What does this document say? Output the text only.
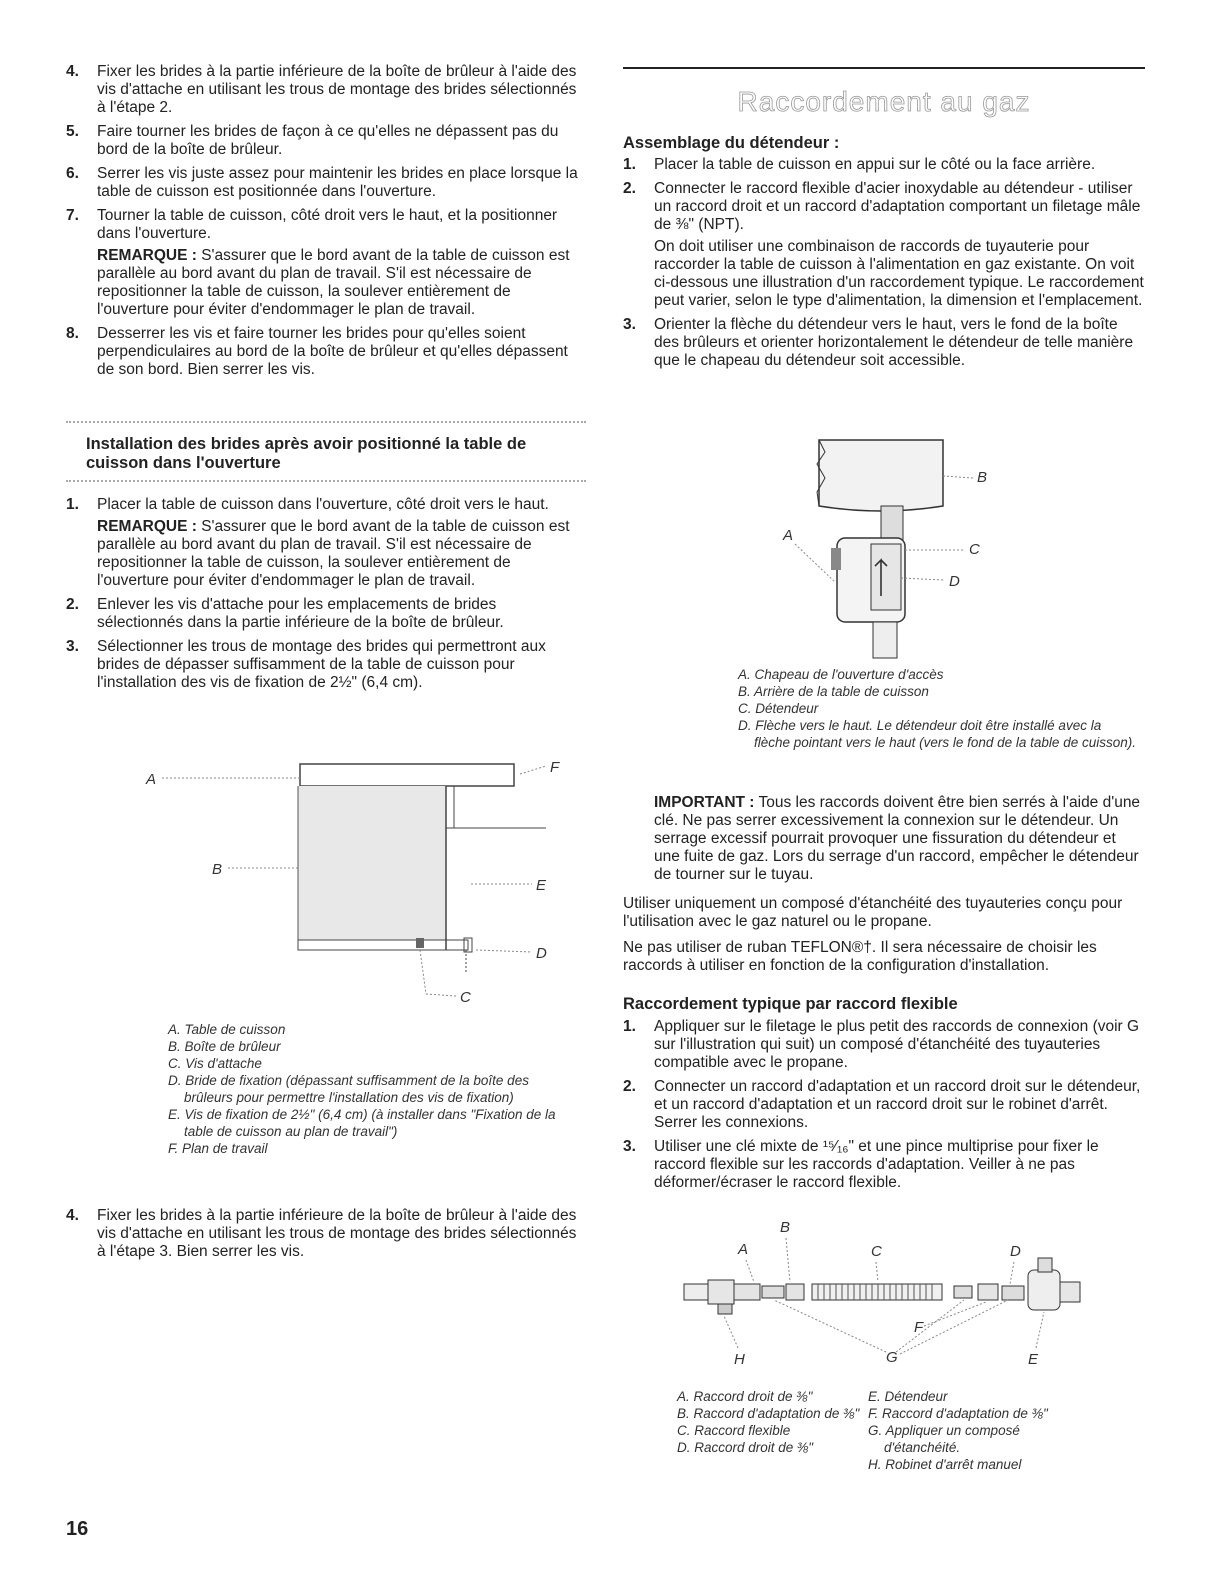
4. Fixer les brides à la partie inférieure de la boîte de brûleur à l'aide des vis d'attache en utilisant les trous de montage des brides sélectionnés à l'étape 2.

5. Faire tourner les brides de façon à ce qu'elles ne dépassent pas du bord de la boîte de brûleur.

6. Serrer les vis juste assez pour maintenir les brides en place lorsque la table de cuisson est positionnée dans l'ouverture.

7. Tourner la table de cuisson, côté droit vers le haut, et la positionner dans l'ouverture.

REMARQUE : S'assurer que le bord avant de la table de cuisson est parallèle au bord avant du plan de travail. S'il est nécessaire de repositionner la table de cuisson, la soulever entièrement de l'ouverture pour éviter d'endommager le plan de travail.

8. Desserrer les vis et faire tourner les brides pour qu'elles soient perpendiculaires au bord de la boîte de brûleur et qu'elles dépassent de son bord. Bien serrer les vis.

Installation des brides après avoir positionné la table de cuisson dans l'ouverture
1. Placer la table de cuisson dans l'ouverture, côté droit vers le haut.

REMARQUE : S'assurer que le bord avant de la table de cuisson est parallèle au bord avant du plan de travail. S'il est nécessaire de repositionner la table de cuisson, la soulever entièrement de l'ouverture pour éviter d'endommager le plan de travail.

2. Enlever les vis d'attache pour les emplacements de brides sélectionnés dans la partie inférieure de la boîte de brûleur.

3. Sélectionner les trous de montage des brides qui permettront aux brides de dépasser suffisamment de la table de cuisson pour l'installation des vis de fixation de 2½" (6,4 cm).

A
B
F
E
D
C
A. Table de cuisson
B. Boîte de brûleur
C. Vis d'attache
D. Bride de fixation (dépassant suffisamment de la boîte des brûleurs pour permettre l'installation des vis de fixation)
E. Vis de fixation de 2½" (6,4 cm) (à installer dans "Fixation de la table de cuisson au plan de travail")
F. Plan de travail
4. Fixer les brides à la partie inférieure de la boîte de brûleur à l'aide des vis d'attache en utilisant les trous de montage des brides sélectionnés à l'étape 3. Bien serrer les vis.

Raccordement au gaz
Assemblage du détendeur :
1. Placer la table de cuisson en appui sur le côté ou la face arrière.

2. Connecter le raccord flexible d'acier inoxydable au détendeur - utiliser un raccord droit et un raccord d'adaptation comportant un filetage mâle de ⅜" (NPT).

On doit utiliser une combinaison de raccords de tuyauterie pour raccorder la table de cuisson à l'alimentation en gaz existante. On voit ci-dessous une illustration d'un raccordement typique. Le raccordement peut varier, selon le type d'alimentation, la dimension et l'emplacement.

3. Orienter la flèche du détendeur vers le haut, vers le fond de la boîte des brûleurs et orienter horizontalement le détendeur de telle manière que le chapeau du détendeur soit accessible.

B
A
C
D
A. Chapeau de l'ouverture d'accès
B. Arrière de la table de cuisson
C. Détendeur
D. Flèche vers le haut. Le détendeur doit être installé avec la flèche pointant vers le haut (vers le fond de la table de cuisson).
IMPORTANT : Tous les raccords doivent être bien serrés à l'aide d'une clé. Ne pas serrer excessivement la connexion sur le détendeur. Un serrage excessif pourrait provoquer une fissuration du détendeur et une fuite de gaz. Lors du serrage d'un raccord, empêcher le détendeur de tourner sur le tuyau.
Utiliser uniquement un composé d'étanchéité des tuyauteries conçu pour l'utilisation avec le gaz naturel ou le propane.
Ne pas utiliser de ruban TEFLON®†. Il sera nécessaire de choisir les raccords à utiliser en fonction de la configuration d'installation.
Raccordement typique par raccord flexible
1. Appliquer sur le filetage le plus petit des raccords de connexion (voir G sur l'illustration qui suit) un composé d'étanchéité des tuyauteries compatible avec le propane.

2. Connecter un raccord d'adaptation et un raccord droit sur le détendeur, et un raccord d'adaptation et un raccord droit sur le robinet d'arrêt. Serrer les connexions.

3. Utiliser une clé mixte de ¹⁵⁄₁₆" et une pince multiprise pour fixer le raccord flexible sur les raccords d'adaptation. Veiller à ne pas déformer/écraser le raccord flexible.

B
A	C	D
F
H	G	E
A. Raccord droit de ⅜"
B. Raccord d'adaptation de ⅜"
C. Raccord flexible
D. Raccord droit de ⅜"
E. Détendeur
F. Raccord d'adaptation de ⅜"
G. Appliquer un composé d'étanchéité.
H. Robinet d'arrêt manuel
16
